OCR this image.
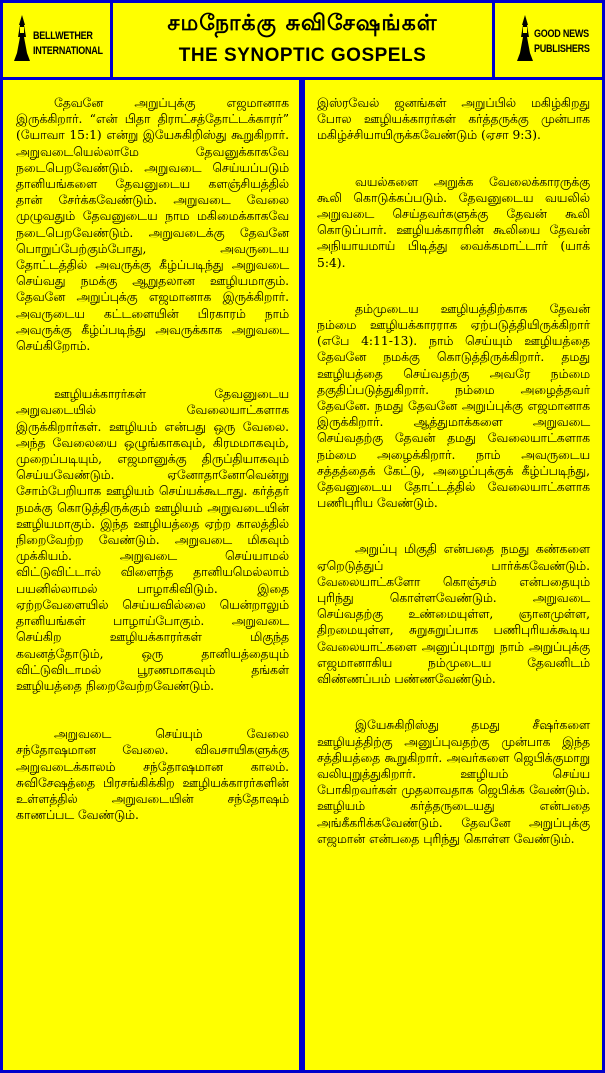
BELLWETHER
INTERNATIONAL
சமநோக்கு சுவிசேஷங்கள்
THE SYNOPTIC GOSPELS
GOOD NEWS
PUBLISHERS

தேவனே அறுப்புக்கு எஜமானாக இருக்கிறார். “என் பிதா திராட்சத்தோட்டக்காரர்” (யோவா 15:1) என்று இயேசுகிறிஸ்து கூறுகிறார். அறுவடையெல்லாமே தேவனுக்காகவே நடைபெறவேண்டும். அறுவடை செய்யப்படும் தானியங்களை தேவனுடைய களஞ்சியத்தில் தான் சேர்க்கவேண்டும். அறுவடை வேலை முழுவதும் தேவனுடைய நாம மகிமைக்காகவே நடைபெறவேண்டும். அறுவடைக்கு தேவனே பொறுப்பேற்கும்போது, அவருடைய தோட்டத்தில் அவருக்கு கீழ்ப்படிந்து அறுவடை செய்வது நமக்கு ஆறுதலான ஊழியமாகும். தேவனே அறுப்புக்கு எஜமானாக இருக்கிறார். அவருடைய கட்டளையின் பிரகாரம் நாம் அவருக்கு கீழ்ப்படிந்து அவருக்காக அறுவடை செய்கிறோம்.

ஊழியக்காரர்கள் தேவனுடைய அறுவடையில் வேலையாட்களாக இருக்கிறார்கள். ஊழியம் என்பது ஒரு வேலை. அந்த வேலையை ஒழுங்காகவும், கிரமமாகவும், முறைப்படியும், எஜமானுக்கு திருப்தியாகவும் செய்யவேண்டும். ஏனோதானோவென்று சோம்பேறியாக ஊழியம் செய்யக்கூடாது. கர்த்தர் நமக்கு கொடுத்திருக்கும் ஊழியம் அறுவடையின் ஊழியமாகும். இந்த ஊழியத்தை ஏற்ற காலத்தில் நிறைவேற்ற வேண்டும். அறுவடை மிகவும் முக்கியம். அறுவடை செய்யாமல் விட்டுவிட்டால் விளைந்த தானியமெல்லாம் பயனில்லாமல் பாழாகிவிடும். இதை ஏற்றவேளையில் செய்யவில்லை யென்றாலும் தானியங்கள் பாழாய்போகும். அறுவடை செய்கிற ஊழியக்காரர்கள் மிகுந்த கவனத்தோடும், ஒரு தானியத்தையும் விட்டுவிடாமல் பூரணமாகவும் தங்கள் ஊழியத்தை நிறைவேற்றவேண்டும்.

அறுவடை செய்யும் வேலை சந்தோஷமான வேலை. விவசாயிகளுக்கு அறுவடைக்காலம் சந்தோஷமான காலம். சுவிசேஷத்தை பிரசங்கிக்கிற ஊழியக்காரர்களின் உள்ளத்தில் அறுவடையின் சந்தோஷம் காணப்பட வேண்டும்.

இஸ்ரவேல் ஜனங்கள் அறுப்பில் மகிழ்கிறது போல ஊழியக்காரர்கள் கர்த்தருக்கு முன்பாக மகிழ்ச்சியாயிருக்கவேண்டும் (ஏசா 9:3).

வயல்களை அறுக்க வேலைக்காரருக்கு கூலி கொடுக்கப்படும். தேவனுடைய வயலில் அறுவடை செய்தவர்களுக்கு தேவன் கூலி கொடுப்பார். ஊழியக்காரரின் கூலியை தேவன் அநியாயமாய் பிடித்து வைக்கமாட்டார் (யாக் 5:4).

தம்முடைய ஊழியத்திற்காக தேவன் நம்மை ஊழியக்காரராக ஏற்படுத்தியிருக்கிறார் (எபே 4:11-13). நாம் செய்யும் ஊழியத்தை தேவனே நமக்கு கொடுத்திருக்கிறார். தமது ஊழியத்தை செய்வதற்கு அவரே நம்மை தகுதிப்படுத்துகிறார். நம்மை அழைத்தவர் தேவனே. நமது தேவனே அறுப்புக்கு எஜமானாக இருக்கிறார். ஆத்துமாக்களை அறுவடை செய்வதற்கு தேவன் தமது வேலையாட்களாக நம்மை அழைக்கிறார். நாம் அவருடைய சத்தத்தைக் கேட்டு, அழைப்புக்குக் கீழ்ப்படிந்து, தேவனுடைய தோட்டத்தில் வேலையாட்களாக பணிபுரிய வேண்டும்.

அறுப்பு மிகுதி என்பதை நமது கண்களை ஏறெடுத்துப் பார்க்கவேண்டும். வேலையாட்களோ கொஞ்சம் என்பதையும் புரிந்து கொள்ளவேண்டும். அறுவடை செய்வதற்கு உண்மையுள்ள, ஞானமுள்ள, திறமையுள்ள, சுறுசுறுப்பாக பணிபுரியக்கூடிய வேலையாட்களை அனுப்புமாறு நாம் அறுப்புக்கு எஜமானாகிய நம்முடைய தேவனிடம் விண்ணப்பம் பண்ணவேண்டும்.

இயேசுகிறிஸ்து தமது சீஷர்களை ஊழியத்திற்கு அனுப்புவதற்கு முன்பாக இந்த சத்தியத்தை கூறுகிறார். அவர்களை ஜெபிக்குமாறு வலியுறுத்துகிறார். ஊழியம் செய்ய போகிறவர்கள் முதலாவதாக ஜெபிக்க வேண்டும். ஊழியம் கர்த்தருடையது என்பதை அங்கீகரிக்கவேண்டும். தேவனே அறுப்புக்கு எஜமான் என்பதை புரிந்து கொள்ள வேண்டும்.
